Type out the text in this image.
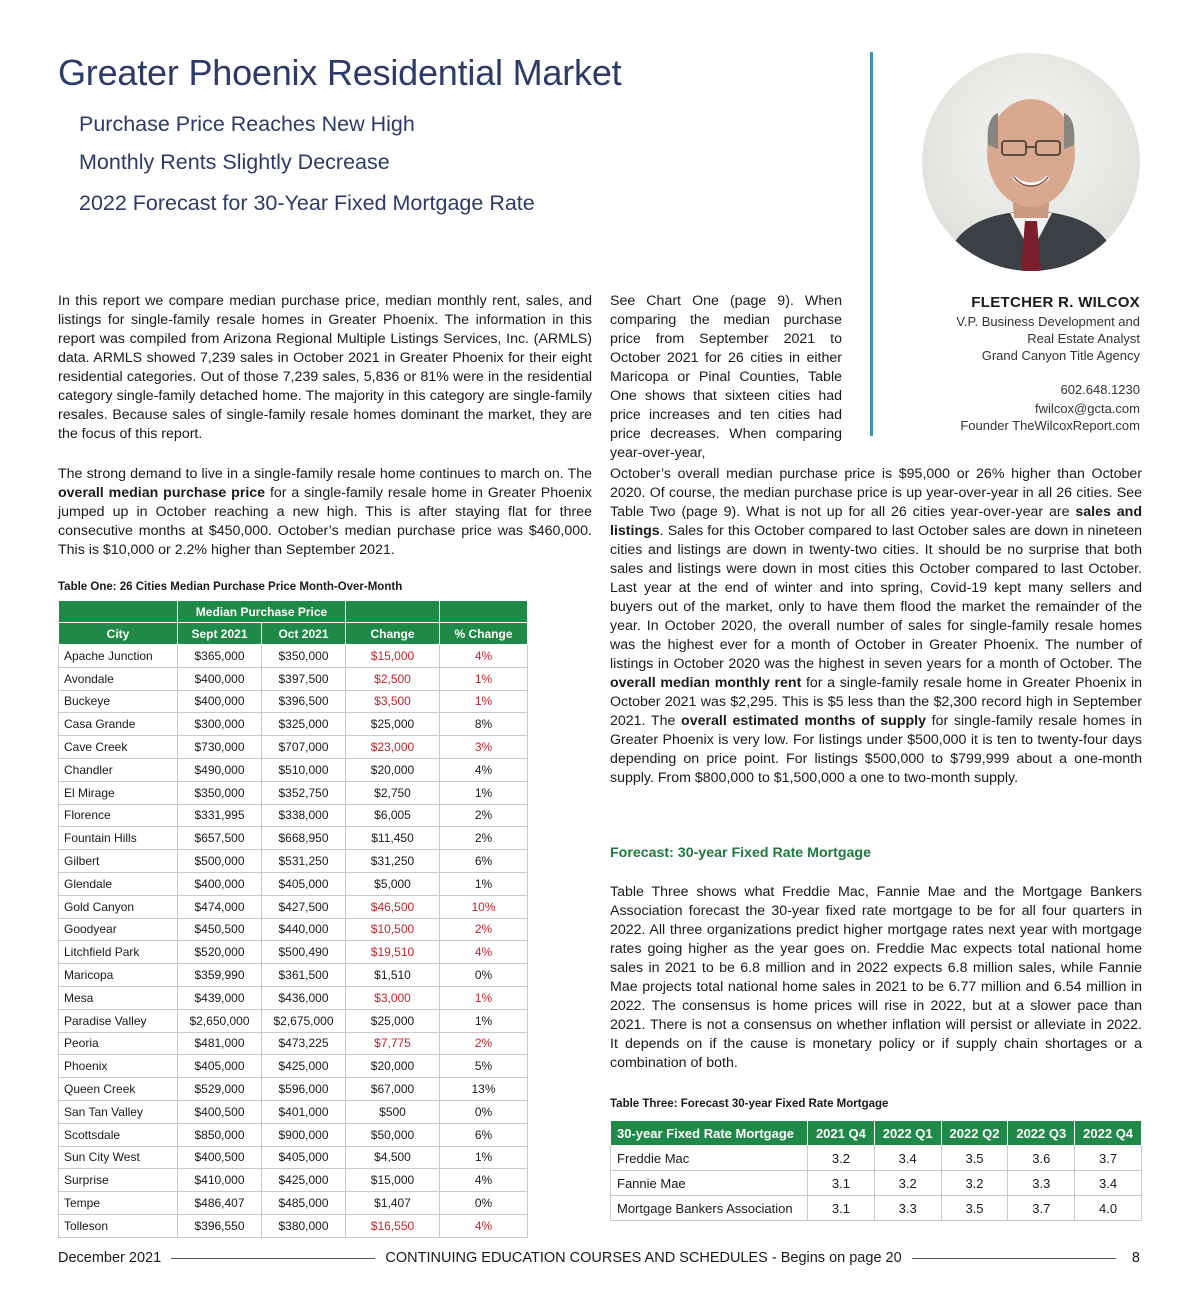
Greater Phoenix Residential Market

Purchase Price Reaches New High

Monthly Rents Slightly Decrease

2022 Forecast for 30-Year Fixed Mortgage Rate

FLETCHER R. WILCOX
V.P. Business Development and
Real Estate Analyst
Grand Canyon Title Agency
602.648.1230
fwilcox@gcta.com
Founder TheWilcoxReport.com

In this report we compare median purchase price, median monthly rent, sales, and listings for single-family resale homes in Greater Phoenix. The information in this report was compiled from Arizona Regional Multiple Listings Services, Inc. (ARMLS) data. ARMLS showed 7,239 sales in October 2021 in Greater Phoenix for their eight residential categories. Out of those 7,239 sales, 5,836 or 81% were in the residential category single-family detached home. The majority in this category are single-family resales. Because sales of single-family resale homes dominant the market, they are the focus of this report.

The strong demand to live in a single-family resale home continues to march on. The overall median purchase price for a single-family resale home in Greater Phoenix jumped up in October reaching a new high. This is after staying flat for three consecutive months at $450,000. October’s median purchase price was $460,000. This is $10,000 or 2.2% higher than September 2021.

See Chart One (page 9). When comparing the median purchase price from September 2021 to October 2021 for 26 cities in either Maricopa or Pinal Counties, Table One shows that sixteen cities had price increases and ten cities had price decreases. When comparing year-over-year,

October’s overall median purchase price is $95,000 or 26% higher than October 2020. Of course, the median purchase price is up year-over-year in all 26 cities. See Table Two (page 9). What is not up for all 26 cities year-over-year are sales and listings. Sales for this October compared to last October sales are down in nineteen cities and listings are down in twenty-two cities. It should be no surprise that both sales and listings were down in most cities this October compared to last October. Last year at the end of winter and into spring, Covid-19 kept many sellers and buyers out of the market, only to have them flood the market the remainder of the year. In October 2020, the overall number of sales for single-family resale homes was the highest ever for a month of October in Greater Phoenix. The number of listings in October 2020 was the highest in seven years for a month of October. The overall median monthly rent for a single-family resale home in Greater Phoenix in October 2021 was $2,295. This is $5 less than the $2,300 record high in September 2021. The overall estimated months of supply for single-family resale homes in Greater Phoenix is very low. For listings under $500,000 it is ten to twenty-four days depending on price point. For listings $500,000 to $799,999 about a one-month supply. From $800,000 to $1,500,000 a one to two-month supply.

Forecast: 30-year Fixed Rate Mortgage

Table Three shows what Freddie Mac, Fannie Mae and the Mortgage Bankers Association forecast the 30-year fixed rate mortgage to be for all four quarters in 2022. All three organizations predict higher mortgage rates next year with mortgage rates going higher as the year goes on. Freddie Mac expects total national home sales in 2021 to be 6.8 million and in 2022 expects 6.8 million sales, while Fannie Mae projects total national home sales in 2021 to be 6.77 million and 6.54 million in 2022. The consensus is home prices will rise in 2022, but at a slower pace than 2021. There is not a consensus on whether inflation will persist or alleviate in 2022. It depends on if the cause is monetary policy or if supply chain shortages or a combination of both.

Table One: 26 Cities Median Purchase Price Month-Over-Month

	Median Purchase Price			
City	Sept 2021	Oct 2021	Change	% Change
Apache Junction	$365,000	$350,000	$15,000	4%
Avondale	$400,000	$397,500	$2,500	1%
Buckeye	$400,000	$396,500	$3,500	1%
Casa Grande	$300,000	$325,000	$25,000	8%
Cave Creek	$730,000	$707,000	$23,000	3%
Chandler	$490,000	$510,000	$20,000	4%
El Mirage	$350,000	$352,750	$2,750	1%
Florence	$331,995	$338,000	$6,005	2%
Fountain Hills	$657,500	$668,950	$11,450	2%
Gilbert	$500,000	$531,250	$31,250	6%
Glendale	$400,000	$405,000	$5,000	1%
Gold Canyon	$474,000	$427,500	$46,500	10%
Goodyear	$450,500	$440,000	$10,500	2%
Litchfield Park	$520,000	$500,490	$19,510	4%
Maricopa	$359,990	$361,500	$1,510	0%
Mesa	$439,000	$436,000	$3,000	1%
Paradise Valley	$2,650,000	$2,675,000	$25,000	1%
Peoria	$481,000	$473,225	$7,775	2%
Phoenix	$405,000	$425,000	$20,000	5%
Queen Creek	$529,000	$596,000	$67,000	13%
San Tan Valley	$400,500	$401,000	$500	0%
Scottsdale	$850,000	$900,000	$50,000	6%
Sun City West	$400,500	$405,000	$4,500	1%
Surprise	$410,000	$425,000	$15,000	4%
Tempe	$486,407	$485,000	$1,407	0%
Tolleson	$396,550	$380,000	$16,550	4%

Table Three: Forecast 30-year Fixed Rate Mortgage

30-year Fixed Rate Mortgage	2021 Q4	2022 Q1	2022 Q2	2022 Q3	2022 Q4
Freddie Mac	3.2	3.4	3.5	3.6	3.7
Fannie Mae	3.1	3.2	3.2	3.3	3.4
Mortgage Bankers Association	3.1	3.3	3.5	3.7	4.0
December 2021	CONTINUING EDUCATION COURSES AND SCHEDULES - Begins on page 20	8
